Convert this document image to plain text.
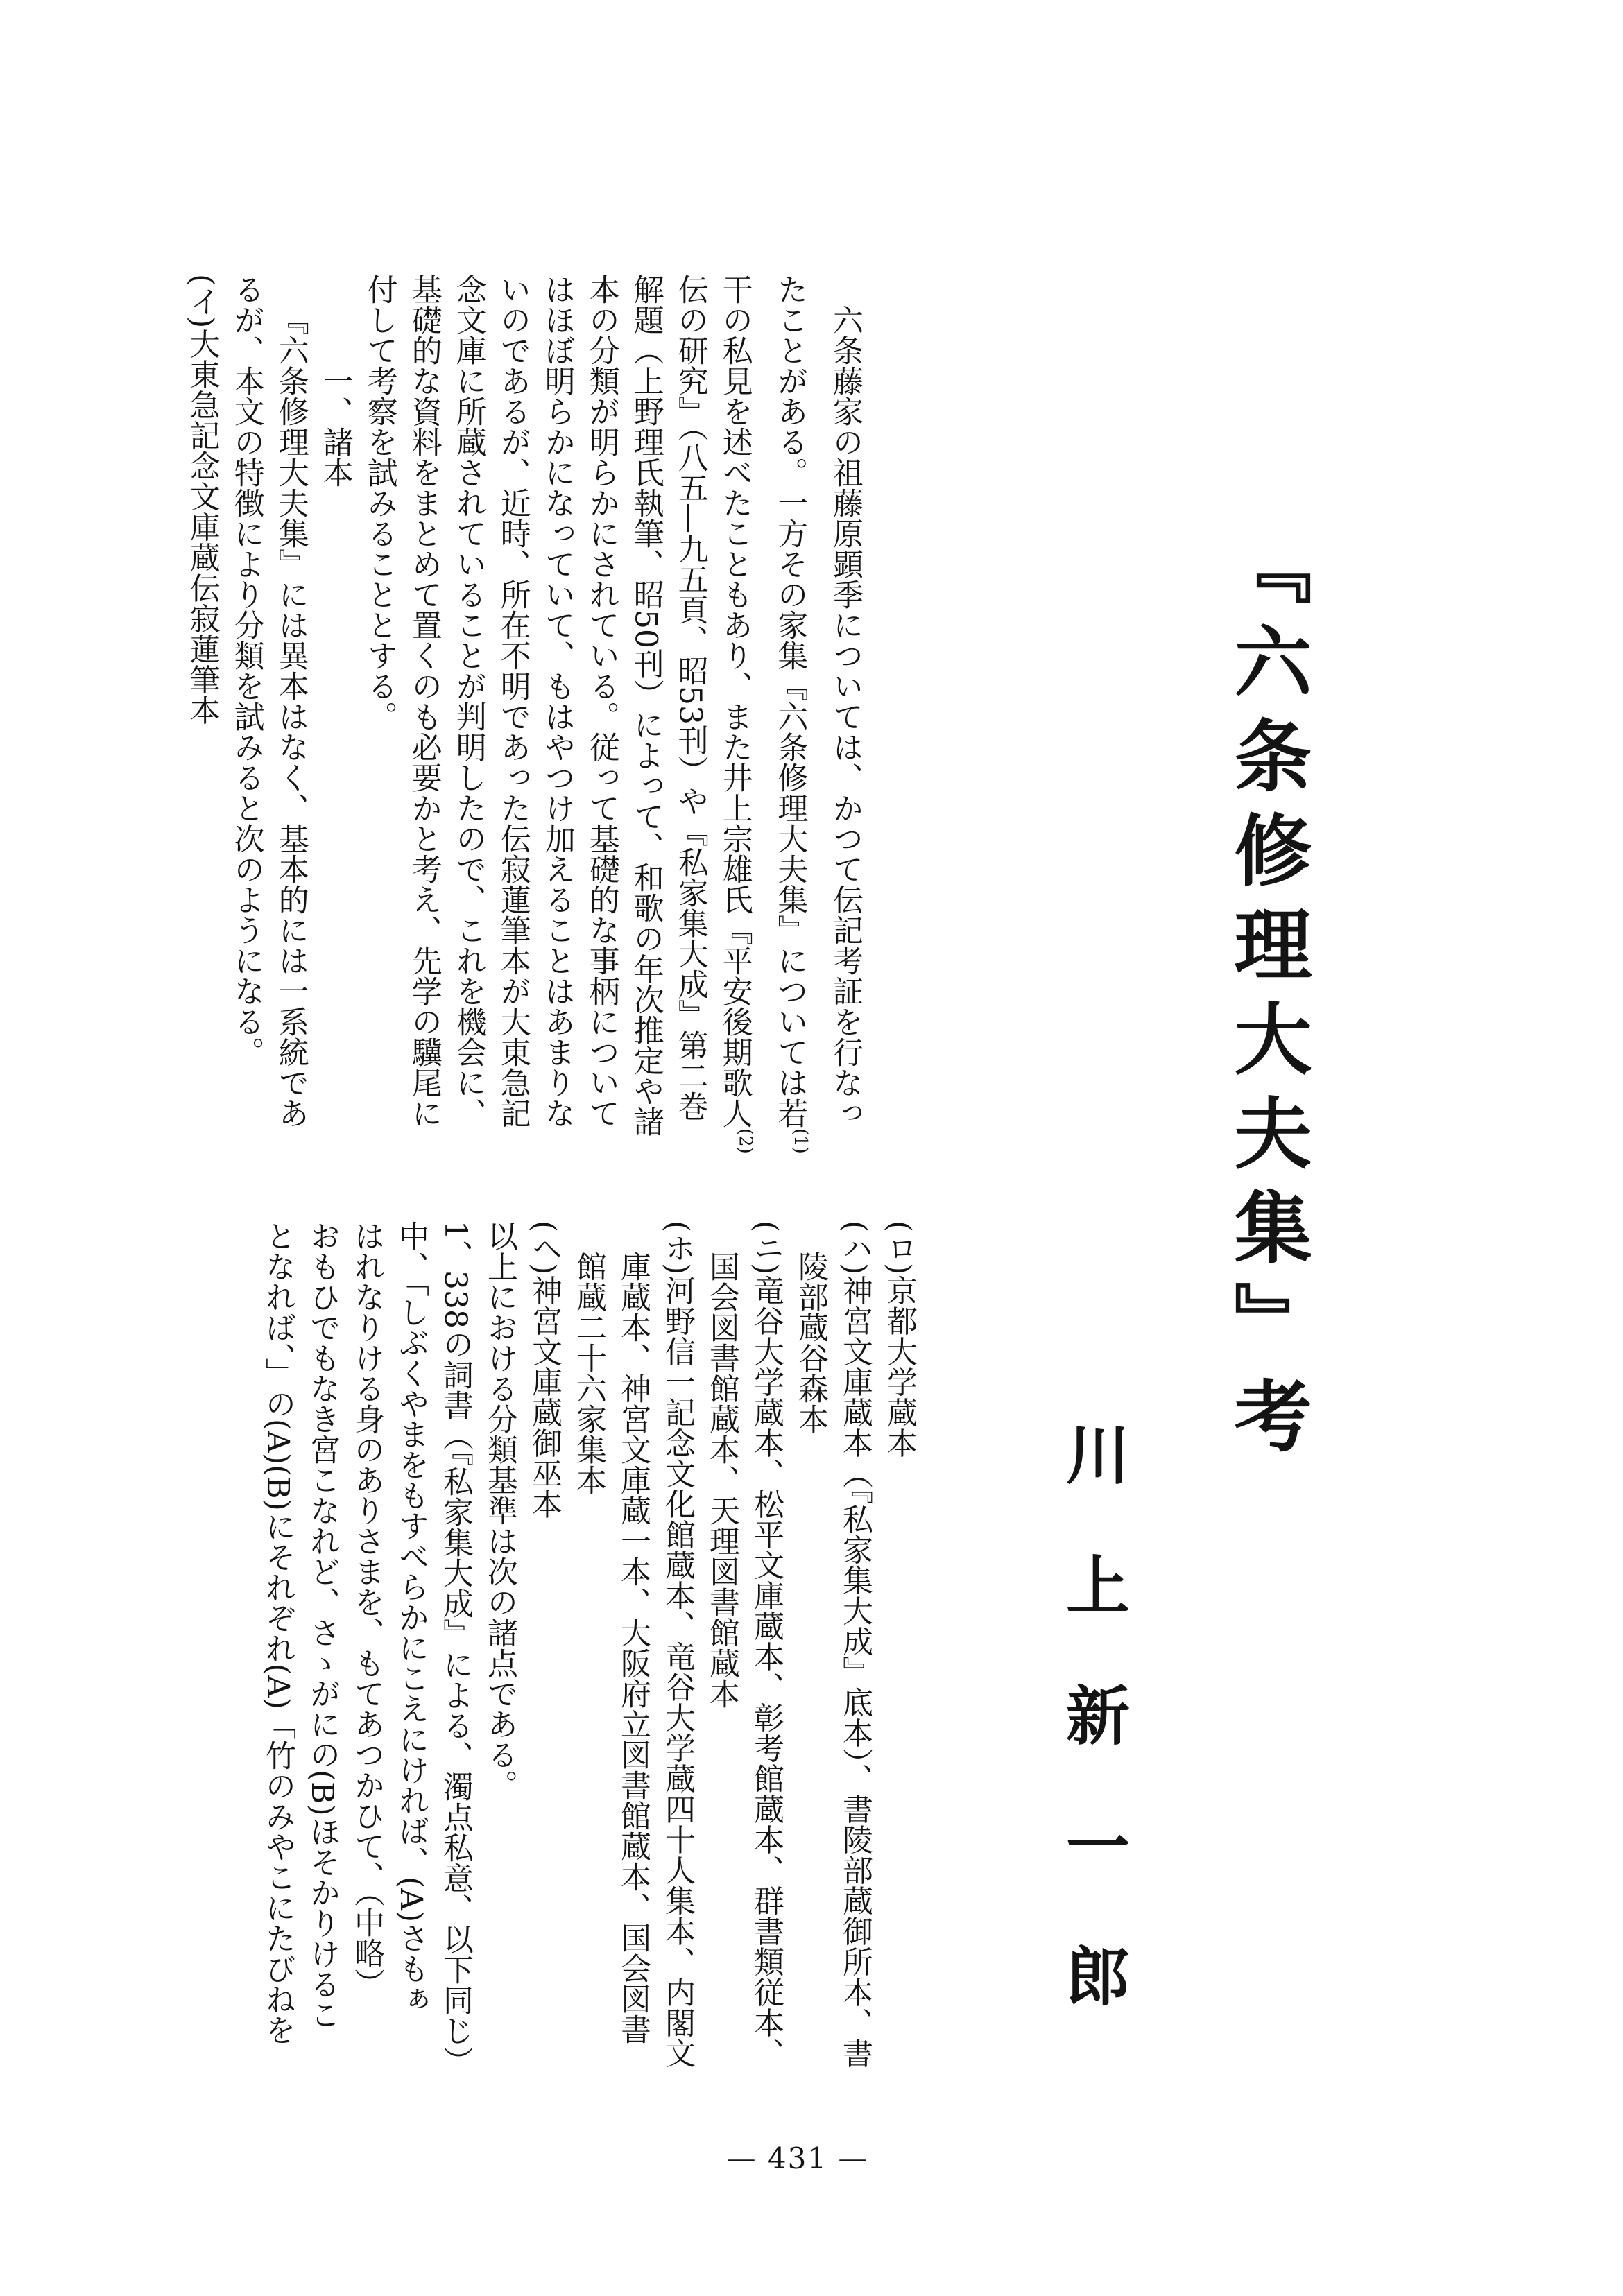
『六条修理大夫集』考
川上新一郎
六条藤家の祖藤原顕季については、かつて伝記考証を行なっ
たことがある。一方その家集『六条修理大夫集』については若$^{(1)}$
干の私見を述べたこともあり、また井上宗雄氏『平安後期歌人$^{(2)}$
伝の研究』（八五—九五頁、昭53刊）や『私家集大成』第二巻
解題（上野理氏執筆、昭50刊）によって、和歌の年次推定や諸
本の分類が明らかにされている。従って基礎的な事柄について
はほぼ明らかになっていて、もはやつけ加えることはあまりな
いのであるが、近時、所在不明であった伝寂蓮筆本が大東急記
念文庫に所蔵されていることが判明したので、これを機会に、
基礎的な資料をまとめて置くのも必要かと考え、先学の驥尾に
付して考察を試みることとする。
一、諸本
『六条修理大夫集』には異本はなく、基本的には一系統であ
るが、本文の特徴により分類を試みると次のようになる。
(イ)大東急記念文庫蔵伝寂蓮筆本
(ロ)京都大学蔵本
(ハ)神宮文庫蔵本（『私家集大成』底本）、書陵部蔵御所本、書
陵部蔵谷森本
(ニ)竜谷大学蔵本、松平文庫蔵本、彰考館蔵本、群書類従本、
国会図書館蔵本、天理図書館蔵本
(ホ)河野信一記念文化館蔵本、竜谷大学蔵四十人集本、内閣文
庫蔵本、神宮文庫蔵一本、大阪府立図書館蔵本、国会図書
館蔵二十六家集本
(ヘ)神宮文庫蔵御巫本
以上における分類基準は次の諸点である。
1、338の詞書（『私家集大成』による、濁点私意、以下同じ）
中、「しぶくやまをもすべらかにこえにければ、(A)さもぁ
はれなりける身のありさまを、もてあつかひて、（中略）
おもひでもなき宮こなれど、さゝがにの(B)ほそかりけるこ
となれば、」の(A)(B)にそれぞれ(A)「竹のみやこにたびねを
— 431 —
